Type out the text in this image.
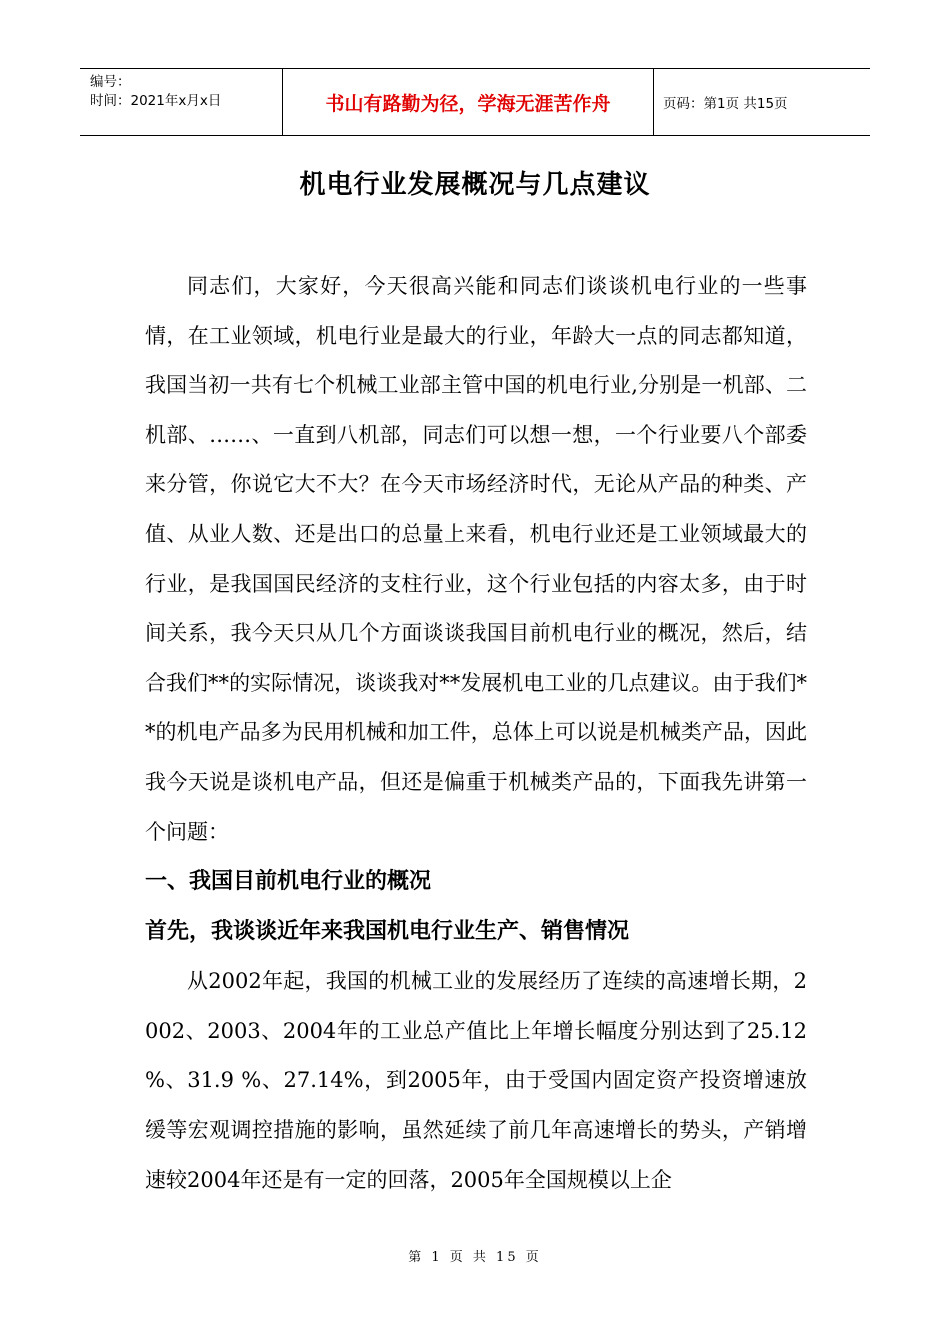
编号：
时间：2021年x月x日	书山有路勤为径，学海无涯苦作舟	页码：第1页 共15页
机电行业发展概况与几点建议

同志们，大家好，今天很高兴能和同志们谈谈机电行业的一些事情，在工业领域，机电行业是最大的行业，年龄大一点的同志都知道，我国当初一共有七个机械工业部主管中国的机电行业,分别是一机部、二机部、……、一直到八机部，同志们可以想一想，一个行业要八个部委来分管，你说它大不大？在今天市场经济时代，无论从产品的种类、产值、从业人数、还是出口的总量上来看，机电行业还是工业领域最大的行业，是我国国民经济的支柱行业，这个行业包括的内容太多，由于时间关系，我今天只从几个方面谈谈我国目前机电行业的概况，然后，结合我们**的实际情况，谈谈我对**发展机电工业的几点建议。由于我们**的机电产品多为民用机械和加工件，总体上可以说是机械类产品，因此我今天说是谈机电产品，但还是偏重于机械类产品的，下面我先讲第一个问题：

一、我国目前机电行业的概况

首先，我谈谈近年来我国机电行业生产、销售情况

从2002年起，我国的机械工业的发展经历了连续的高速增长期，2002、2003、2004年的工业总产值比上年增长幅度分别达到了25.12 %、31.9 %、27.14%，到2005年，由于受国内固定资产投资增速放缓等宏观调控措施的影响，虽然延续了前几年高速增长的势头，产销增速较2004年还是有一定的回落，2005年全国规模以上企

第 1 页 共 15 页
